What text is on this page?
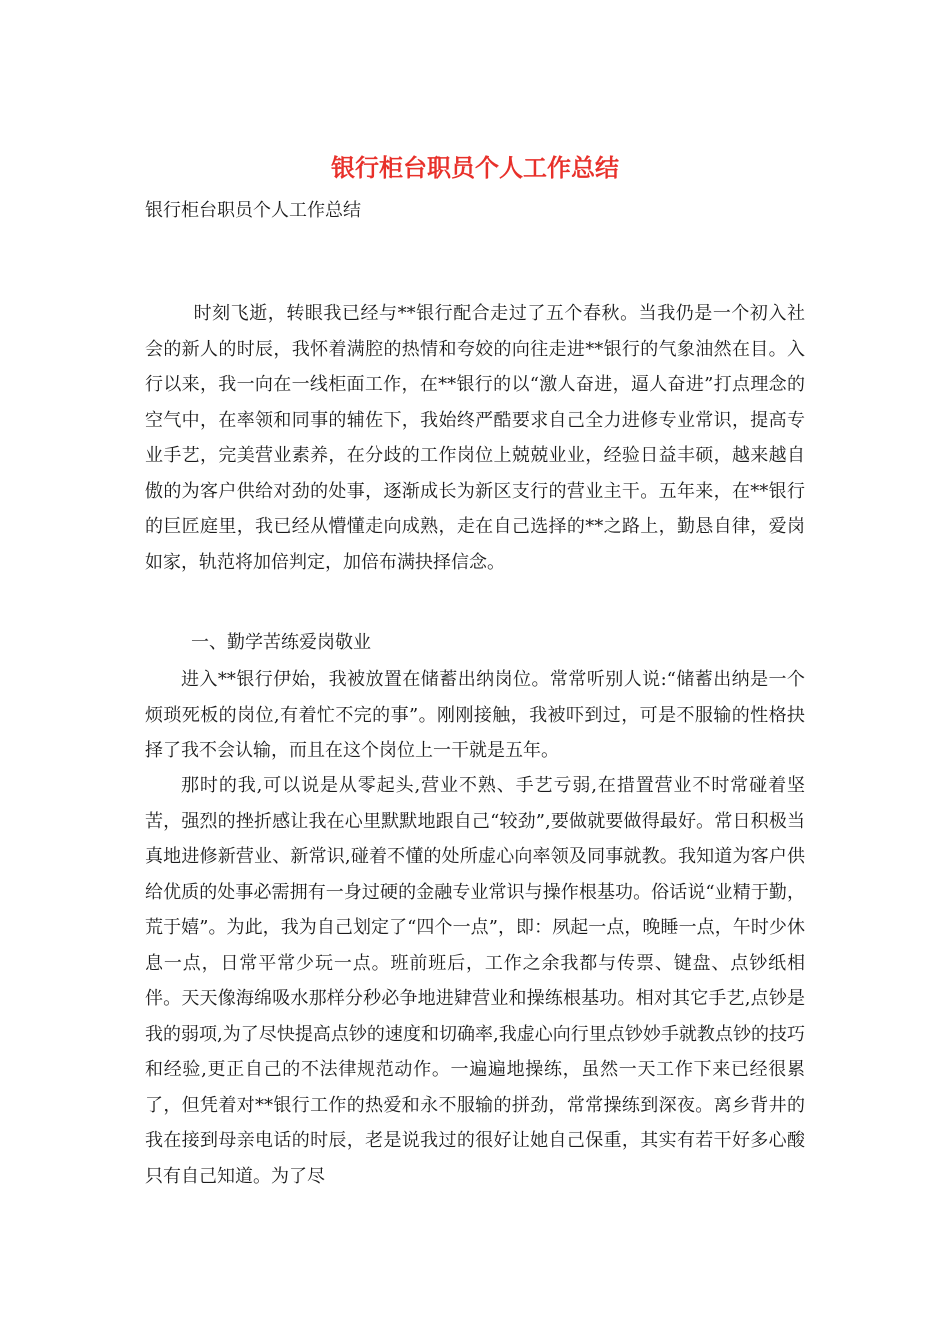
银行柜台职员个人工作总结

银行柜台职员个人工作总结

时刻飞逝，转眼我已经与**银行配合走过了五个春秋。当我仍是一个初入社会的新人的时辰，我怀着满腔的热情和夸姣的向往走进**银行的气象油然在目。入行以来，我一向在一线柜面工作，在**银行的以“激人奋进，逼人奋进”打点理念的空气中，在率领和同事的辅佐下，我始终严酷要求自己全力进修专业常识，提高专业手艺，完美营业素养，在分歧的工作岗位上兢兢业业，经验日益丰硕，越来越自傲的为客户供给对劲的处事，逐渐成长为新区支行的营业主干。五年来，在**银行的巨匠庭里，我已经从懵懂走向成熟，走在自己选择的**之路上，勤恳自律，爱岗如家，轨范将加倍判定，加倍布满抉择信念。

一、勤学苦练爱岗敬业

进入**银行伊始，我被放置在储蓄出纳岗位。常常听别人说:“储蓄出纳是一个烦琐死板的岗位,有着忙不完的事”。刚刚接触，我被吓到过，可是不服输的性格抉择了我不会认输，而且在这个岗位上一干就是五年。

那时的我,可以说是从零起头,营业不熟、手艺亏弱,在措置营业不时常碰着坚苦，强烈的挫折感让我在心里默默地跟自己“较劲”,要做就要做得最好。常日积极当真地进修新营业、新常识,碰着不懂的处所虚心向率领及同事就教。我知道为客户供给优质的处事必需拥有一身过硬的金融专业常识与操作根基功。俗话说“业精于勤，荒于嬉”。为此，我为自己划定了“四个一点”，即：夙起一点，晚睡一点，午时少休息一点，日常平常少玩一点。班前班后，工作之余我都与传票、键盘、点钞纸相伴。天天像海绵吸水那样分秒必争地进肄营业和操练根基功。相对其它手艺,点钞是我的弱项,为了尽快提高点钞的速度和切确率,我虚心向行里点钞妙手就教点钞的技巧和经验,更正自己的不法律规范动作。一遍遍地操练，虽然一天工作下来已经很累了，但凭着对**银行工作的热爱和永不服输的拼劲，常常操练到深夜。离乡背井的我在接到母亲电话的时辰，老是说我过的很好让她自己保重，其实有若干好多心酸只有自己知道。为了尽
